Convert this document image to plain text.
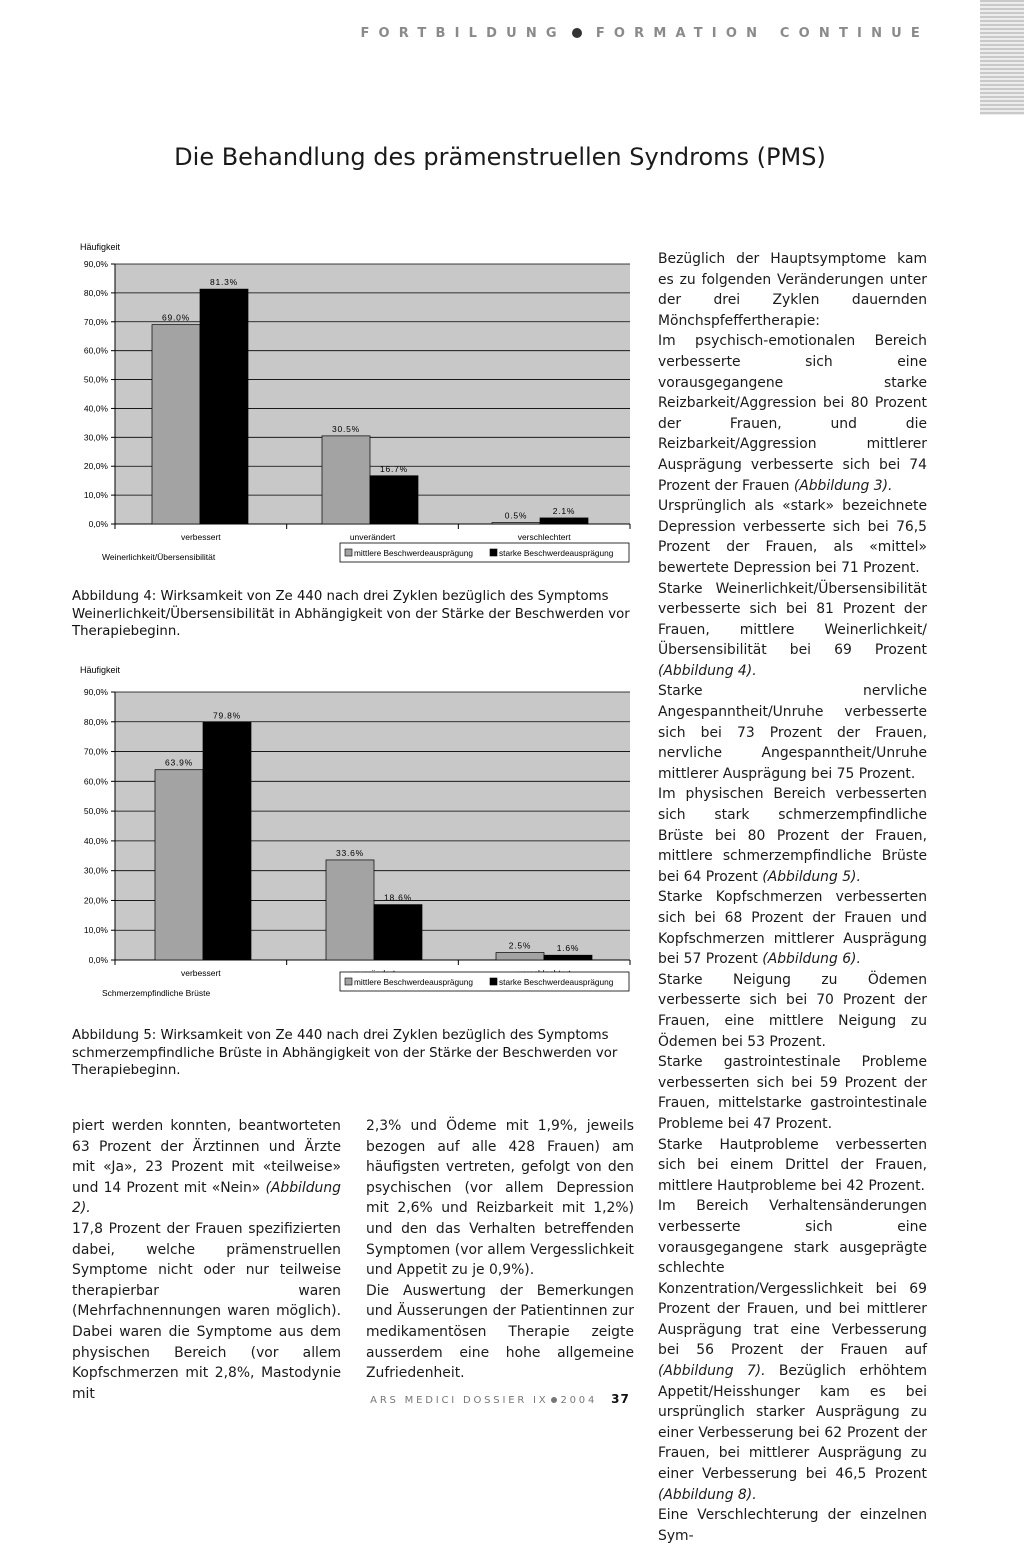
FORTBILDUNG FORMATION CONTINUE
Die Behandlung des prämenstruellen Syndroms (PMS)
Häufigkeit
0,0%
10,0%
20,0%
30,0%
40,0%
50,0%
60,0%
70,0%
80,0%
90,0%
69.0%
30.5%
0.5%
81.3%
16.7%
2.1%
verbessert	unverändert	verschlechtert
Weinerlichkeit/Übersensibilität	mittlere Beschwerdeausprägung	starke Beschwerdeausprägung
Abbildung 4: Wirksamkeit von Ze 440 nach drei Zyklen bezüglich des Symptoms Weinerlichkeit/Übersensibilität in Abhängigkeit von der Stärke der Beschwerden vor Therapiebeginn.
Häufigkeit
0,0%
10,0%
20,0%
30,0%
40,0%
50,0%
60,0%
70,0%
80,0%
90,0%
63.9%
33.6%
2.5%
79.8%
18.6%
1.6%
verbessert
Schmerzempfindliche Brüste
mittlere Beschwerdeausprägung	starke Beschwerdeausprägung
Abbildung 5: Wirksamkeit von Ze 440 nach drei Zyklen bezüglich des Symptoms schmerzempfindliche Brüste in Abhängigkeit von der Stärke der Beschwerden vor Therapiebeginn.

piert werden konnten, beantworteten 63 Prozent der Ärztinnen und Ärzte mit «Ja», 23 Prozent mit «teilweise» und 14 Prozent mit «Nein» (Abbildung 2).

17,8 Prozent der Frauen spezifizierten dabei, welche prämenstruellen Symptome nicht oder nur teilweise therapierbar waren (Mehrfachnennungen waren möglich). Dabei waren die Symptome aus dem physischen Bereich (vor allem Kopfschmerzen mit 2,8%, Mastodynie mit

2,3% und Ödeme mit 1,9%, jeweils bezogen auf alle 428 Frauen) am häufigsten vertreten, gefolgt von den psychischen (vor allem Depression mit 2,6% und Reizbarkeit mit 1,2%) und den das Verhalten betreffenden Symptomen (vor allem Vergesslichkeit und Appetit zu je 0,9%).

Die Auswertung der Bemerkungen und Äusserungen der Patientinnen zur medikamentösen Therapie zeigte ausserdem eine hohe allgemeine Zufriedenheit.

Bezüglich der Hauptsymptome kam es zu folgenden Veränderungen unter der drei Zyklen dauernden Mönchspfeffertherapie:

Im psychisch-emotionalen Bereich verbesserte sich eine vorausgegangene starke Reizbarkeit/Aggression bei 80 Prozent der Frauen, und die Reizbarkeit/Aggression mittlerer Ausprägung verbesserte sich bei 74 Prozent der Frauen (Abbildung 3).

Ursprünglich als «stark» bezeichnete Depression verbesserte sich bei 76,5 Prozent der Frauen, als «mittel» bewertete Depression bei 71 Prozent.

Starke Weinerlichkeit/Übersensibilität verbesserte sich bei 81 Prozent der Frauen, mittlere Weinerlichkeit/Übersensibilität bei 69 Prozent (Abbildung 4).

Starke nervliche Angespanntheit/Unruhe verbesserte sich bei 73 Prozent der Frauen, nervliche Angespanntheit/Unruhe mittlerer Ausprägung bei 75 Prozent.

Im physischen Bereich verbesserten sich stark schmerzempfindliche Brüste bei 80 Prozent der Frauen, mittlere schmerzempfindliche Brüste bei 64 Prozent (Abbildung 5).

Starke Kopfschmerzen verbesserten sich bei 68 Prozent der Frauen und Kopfschmerzen mittlerer Ausprägung bei 57 Prozent (Abbildung 6).

Starke Neigung zu Ödemen verbesserte sich bei 70 Prozent der Frauen, eine mittlere Neigung zu Ödemen bei 53 Prozent.

Starke gastrointestinale Probleme verbesserten sich bei 59 Prozent der Frauen, mittelstarke gastrointestinale Probleme bei 47 Prozent.

Starke Hautprobleme verbesserten sich bei einem Drittel der Frauen, mittlere Hautprobleme bei 42 Prozent.

Im Bereich Verhaltensänderungen verbesserte sich eine vorausgegangene stark ausgeprägte schlechte Konzentration/Vergesslichkeit bei 69 Prozent der Frauen, und bei mittlerer Ausprägung trat eine Verbesserung bei 56 Prozent der Frauen auf (Abbildung 7). Bezüglich erhöhtem Appetit/Heisshunger kam es bei ursprünglich starker Ausprägung zu einer Verbesserung bei 62 Prozent der Frauen, bei mittlerer Ausprägung zu einer Verbesserung bei 46,5 Prozent (Abbildung 8).

Eine Verschlechterung der einzelnen Sym-

ARS MEDICI DOSSIER IX 2004 37
